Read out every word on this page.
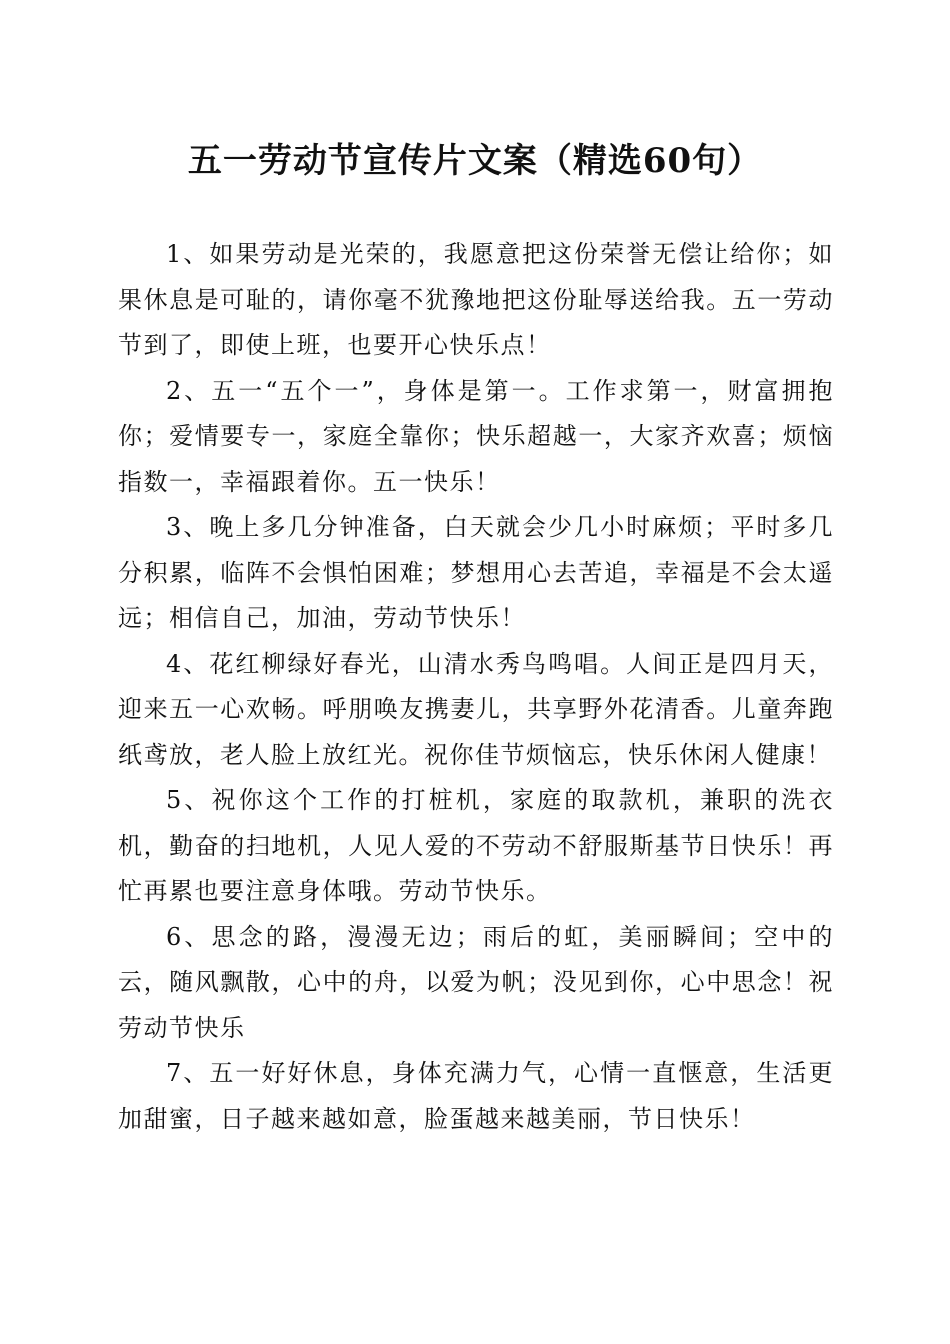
五一劳动节宣传片文案（精选60句）

1、如果劳动是光荣的，我愿意把这份荣誉无偿让给你；如果休息是可耻的，请你毫不犹豫地把这份耻辱送给我。五一劳动节到了，即使上班，也要开心快乐点！

2、五一“五个一”，身体是第一。工作求第一，财富拥抱你；爱情要专一，家庭全靠你；快乐超越一，大家齐欢喜；烦恼指数一，幸福跟着你。五一快乐！

3、晚上多几分钟准备，白天就会少几小时麻烦；平时多几分积累，临阵不会惧怕困难；梦想用心去苦追，幸福是不会太遥远；相信自己，加油，劳动节快乐！

4、花红柳绿好春光，山清水秀鸟鸣唱。人间正是四月天，迎来五一心欢畅。呼朋唤友携妻儿，共享野外花清香。儿童奔跑纸鸢放，老人脸上放红光。祝你佳节烦恼忘，快乐休闲人健康！

5、祝你这个工作的打桩机，家庭的取款机，兼职的洗衣机，勤奋的扫地机，人见人爱的不劳动不舒服斯基节日快乐！再忙再累也要注意身体哦。劳动节快乐。

6、思念的路，漫漫无边；雨后的虹，美丽瞬间；空中的云，随风飘散，心中的舟，以爱为帆；没见到你，心中思念！祝劳动节快乐

7、五一好好休息，身体充满力气，心情一直惬意，生活更加甜蜜，日子越来越如意，脸蛋越来越美丽，节日快乐！
